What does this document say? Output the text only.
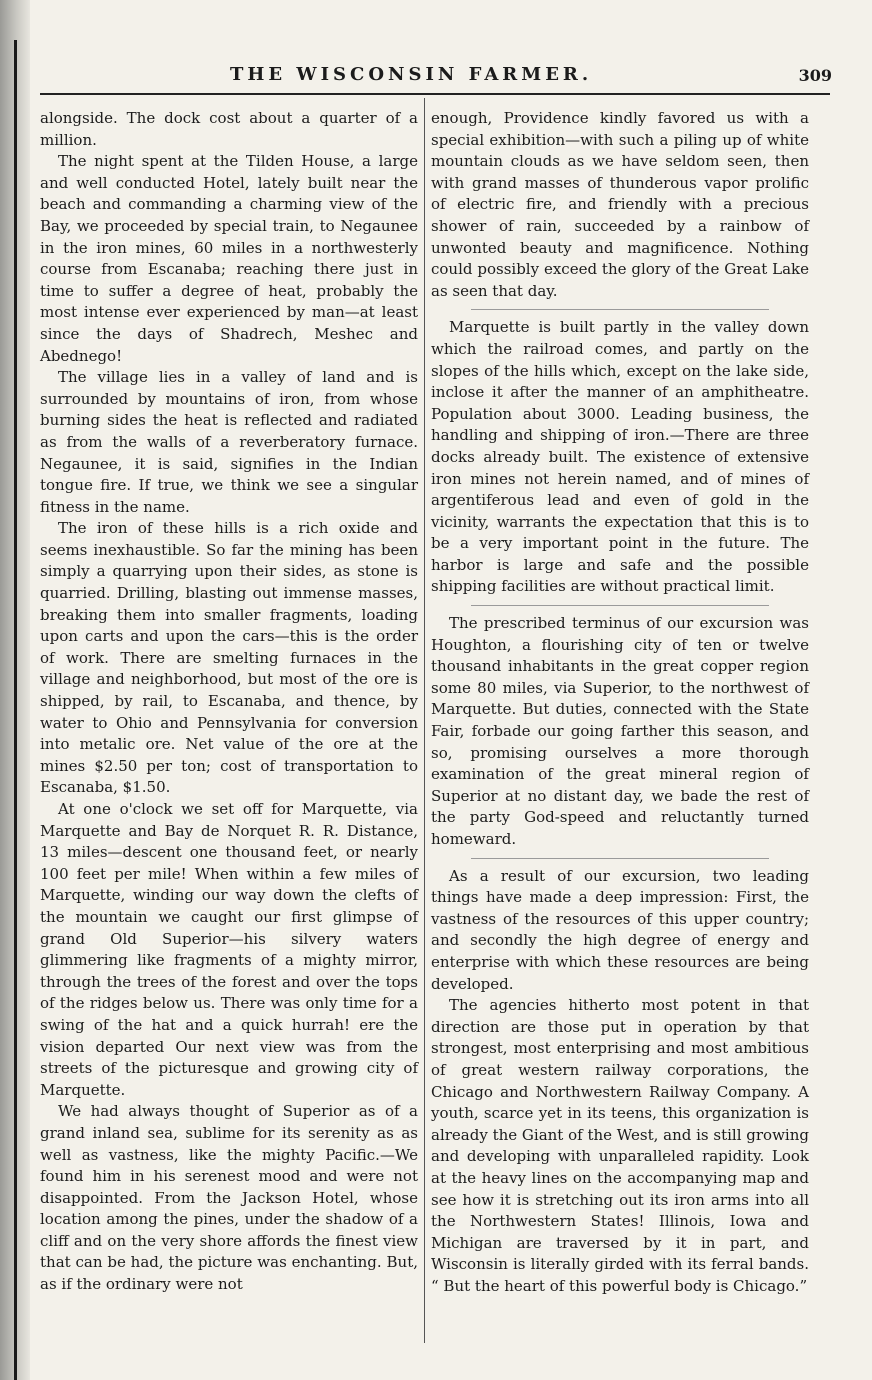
THE WISCONSIN FARMER.	309

alongside. The dock cost about a quarter of a million.

The night spent at the Tilden House, a large and well conducted Hotel, lately built near the beach and commanding a charming view of the Bay, we proceeded by special train, to Negaunee in the iron mines, 60 miles in a northwesterly course from Escanaba; reaching there just in time to suffer a degree of heat, probably the most intense ever experienced by man—at least since the days of Shadrech, Meshec and Abednego!

The village lies in a valley of land and is surrounded by mountains of iron, from whose burning sides the heat is reflected and radiated as from the walls of a reverberatory furnace. Negaunee, it is said, signifies in the Indian tongue fire. If true, we think we see a singular fitness in the name.

The iron of these hills is a rich oxide and seems inexhaustible. So far the mining has been simply a quarrying upon their sides, as stone is quarried. Drilling, blasting out immense masses, breaking them into smaller fragments, loading upon carts and upon the cars—this is the order of work. There are smelting furnaces in the village and neighborhood, but most of the ore is shipped, by rail, to Escanaba, and thence, by water to Ohio and Pennsylvania for conversion into metalic ore. Net value of the ore at the mines $2.50 per ton; cost of transportation to Escanaba, $1.50.

At one o'clock we set off for Marquette, via Marquette and Bay de Norquet R. R. Distance, 13 miles—descent one thousand feet, or nearly 100 feet per mile! When within a few miles of Marquette, winding our way down the clefts of the mountain we caught our first glimpse of grand Old Superior—his silvery waters glimmering like fragments of a mighty mirror, through the trees of the forest and over the tops of the ridges below us. There was only time for a swing of the hat and a quick hurrah! ere the vision departed Our next view was from the streets of the picturesque and growing city of Marquette.

We had always thought of Superior as of a grand inland sea, sublime for its serenity as as well as vastness, like the mighty Pacific.—We found him in his serenest mood and were not disappointed. From the Jackson Hotel, whose location among the pines, under the shadow of a cliff and on the very shore affords the finest view that can be had, the picture was enchanting. But, as if the ordinary were not

enough, Providence kindly favored us with a special exhibition—with such a piling up of white mountain clouds as we have seldom seen, then with grand masses of thunderous vapor prolific of electric fire, and friendly with a precious shower of rain, succeeded by a rainbow of unwonted beauty and magnificence. Nothing could possibly exceed the glory of the Great Lake as seen that day.

Marquette is built partly in the valley down which the railroad comes, and partly on the slopes of the hills which, except on the lake side, inclose it after the manner of an amphitheatre. Population about 3000. Leading business, the handling and shipping of iron.—There are three docks already built. The existence of extensive iron mines not herein named, and of mines of argentiferous lead and even of gold in the vicinity, warrants the expectation that this is to be a very important point in the future. The harbor is large and safe and the possible shipping facilities are without practical limit.

The prescribed terminus of our excursion was Houghton, a flourishing city of ten or twelve thousand inhabitants in the great copper region some 80 miles, via Superior, to the northwest of Marquette. But duties, connected with the State Fair, forbade our going farther this season, and so, promising ourselves a more thorough examination of the great mineral region of Superior at no distant day, we bade the rest of the party God-speed and reluctantly turned homeward.

As a result of our excursion, two leading things have made a deep impression: First, the vastness of the resources of this upper country; and secondly the high degree of energy and enterprise with which these resources are being developed.

The agencies hitherto most potent in that direction are those put in operation by that strongest, most enterprising and most ambitious of great western railway corporations, the Chicago and Northwestern Railway Company. A youth, scarce yet in its teens, this organization is already the Giant of the West, and is still growing and developing with unparalleled rapidity. Look at the heavy lines on the accompanying map and see how it is stretching out its iron arms into all the Northwestern States! Illinois, Iowa and Michigan are traversed by it in part, and Wisconsin is literally girded with its ferral bands. “ But the heart of this powerful body is Chicago.”
